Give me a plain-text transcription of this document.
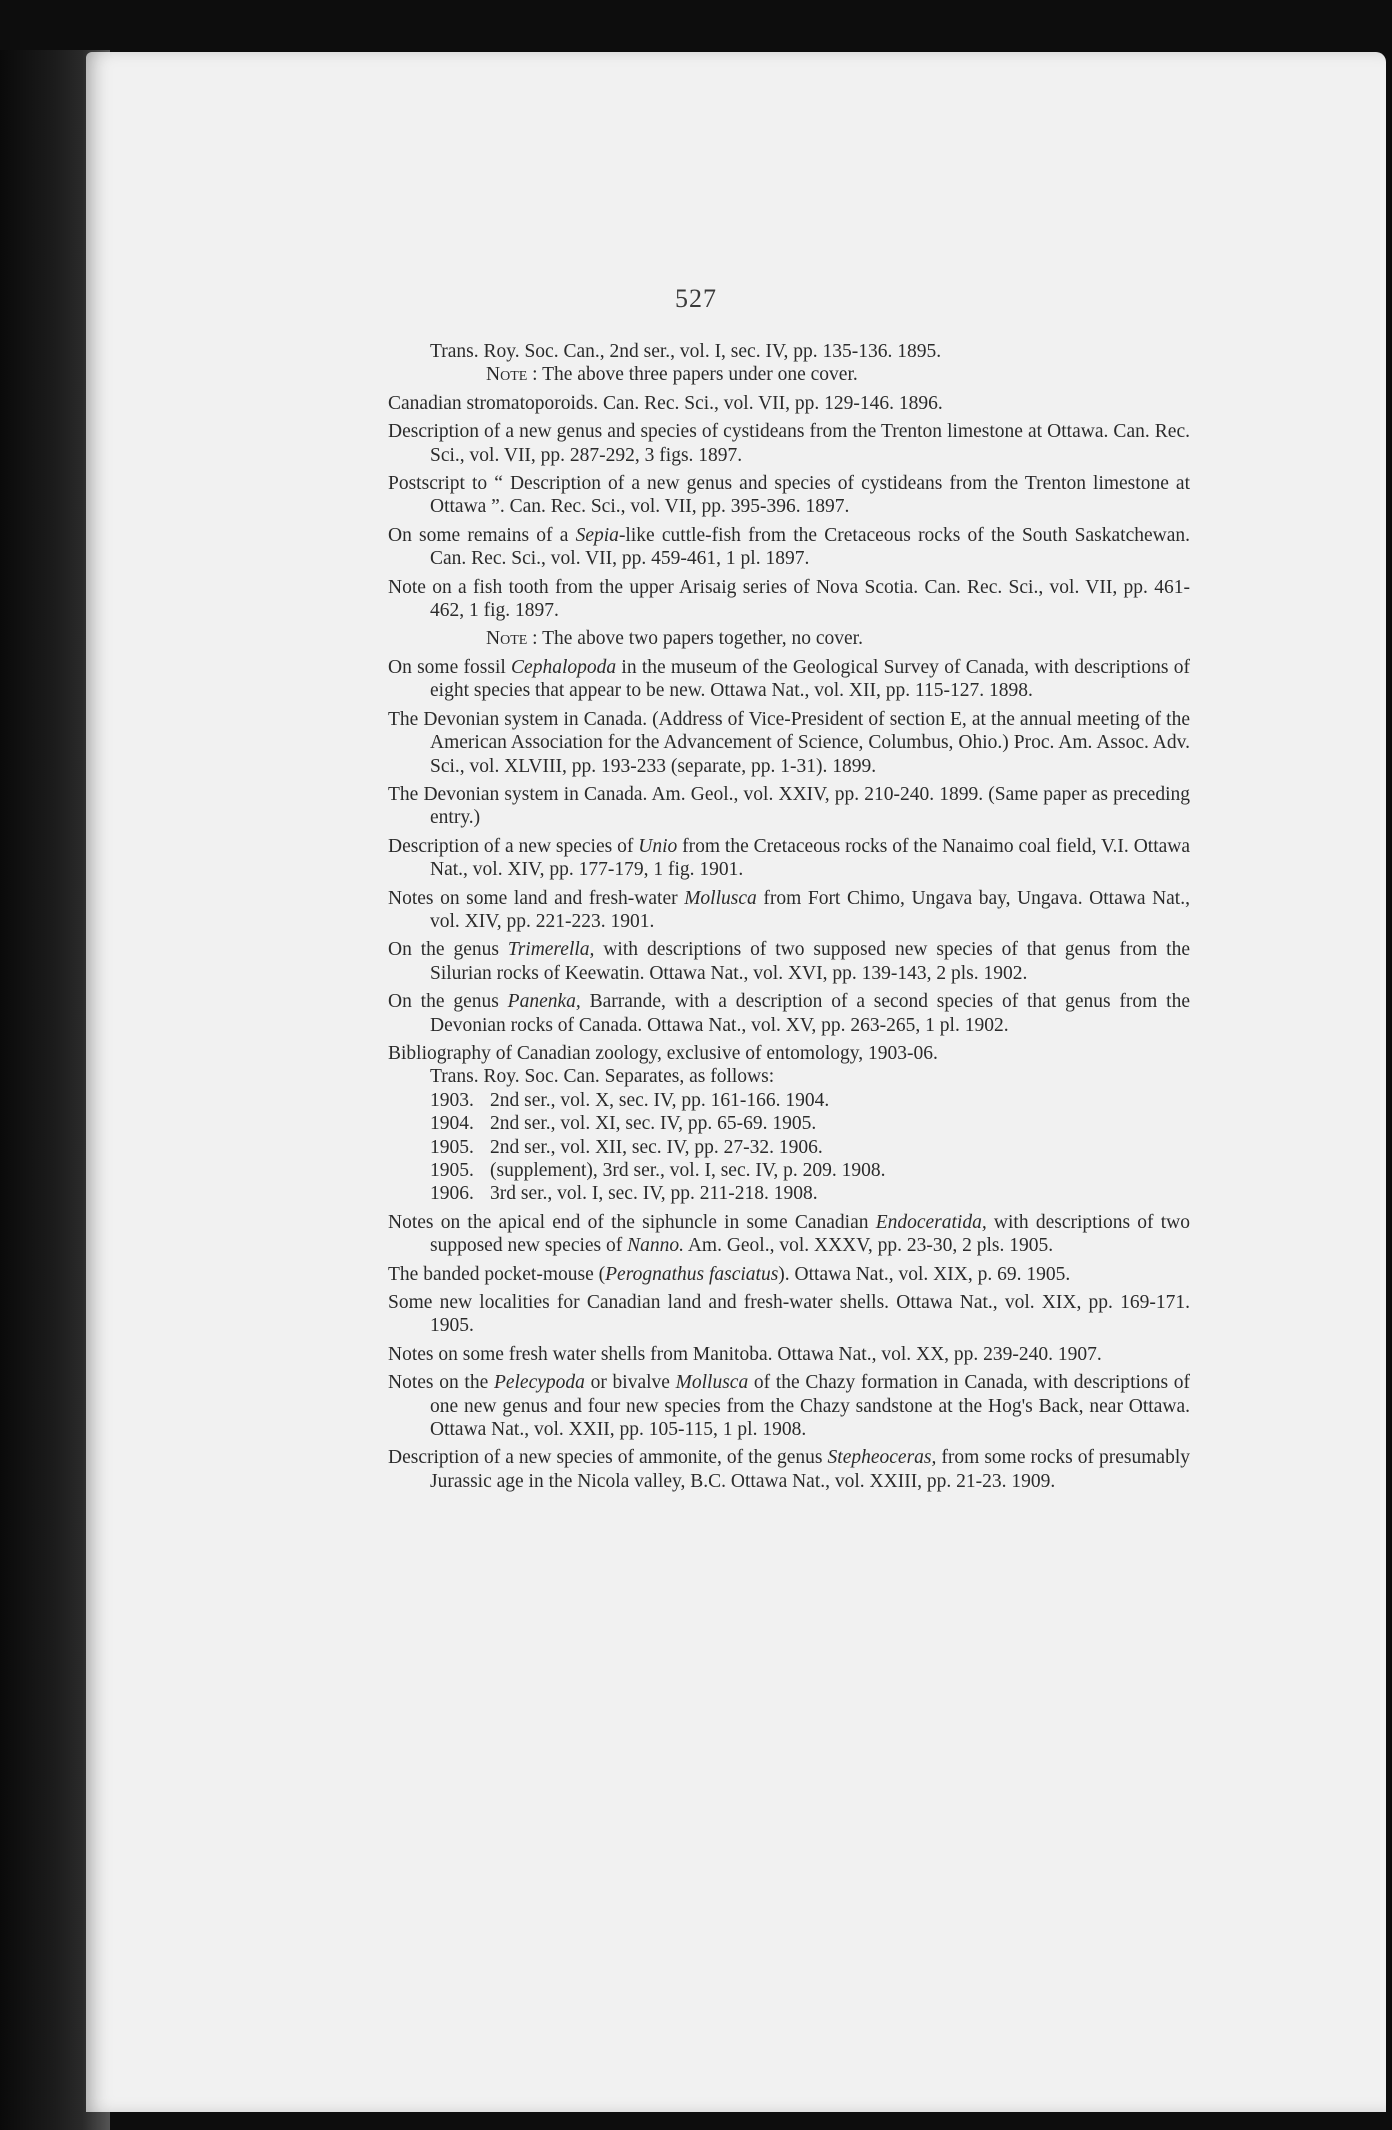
527
Trans. Roy. Soc. Can., 2nd ser., vol. I, sec. IV, pp. 135-136. 1895.
Note : The above three papers under one cover.
Canadian stromatoporoids. Can. Rec. Sci., vol. VII, pp. 129-146. 1896.
Description of a new genus and species of cystideans from the Trenton limestone at Ottawa. Can. Rec. Sci., vol. VII, pp. 287-292, 3 figs. 1897.
Postscript to “ Description of a new genus and species of cystideans from the Trenton limestone at Ottawa ”. Can. Rec. Sci., vol. VII, pp. 395-396. 1897.
On some remains of a Sepia-like cuttle-fish from the Cretaceous rocks of the South Saskatchewan. Can. Rec. Sci., vol. VII, pp. 459-461, 1 pl. 1897.
Note on a fish tooth from the upper Arisaig series of Nova Scotia. Can. Rec. Sci., vol. VII, pp. 461-462, 1 fig. 1897.
Note : The above two papers together, no cover.
On some fossil Cephalopoda in the museum of the Geological Survey of Canada, with descriptions of eight species that appear to be new. Ottawa Nat., vol. XII, pp. 115-127. 1898.
The Devonian system in Canada. (Address of Vice-President of section E, at the annual meeting of the American Association for the Advancement of Science, Columbus, Ohio.) Proc. Am. Assoc. Adv. Sci., vol. XLVIII, pp. 193-233 (separate, pp. 1-31). 1899.
The Devonian system in Canada. Am. Geol., vol. XXIV, pp. 210-240. 1899. (Same paper as preceding entry.)
Description of a new species of Unio from the Cretaceous rocks of the Nanaimo coal field, V.I. Ottawa Nat., vol. XIV, pp. 177-179, 1 fig. 1901.
Notes on some land and fresh-water Mollusca from Fort Chimo, Ungava bay, Ungava. Ottawa Nat., vol. XIV, pp. 221-223. 1901.
On the genus Trimerella, with descriptions of two supposed new species of that genus from the Silurian rocks of Keewatin. Ottawa Nat., vol. XVI, pp. 139-143, 2 pls. 1902.
On the genus Panenka, Barrande, with a description of a second species of that genus from the Devonian rocks of Canada. Ottawa Nat., vol. XV, pp. 263-265, 1 pl. 1902.
Bibliography of Canadian zoology, exclusive of entomology, 1903-06.
Trans. Roy. Soc. Can. Separates, as follows:
1903. 2nd ser., vol. X, sec. IV, pp. 161-166. 1904.
1904. 2nd ser., vol. XI, sec. IV, pp. 65-69. 1905.
1905. 2nd ser., vol. XII, sec. IV, pp. 27-32. 1906.
1905. (supplement), 3rd ser., vol. I, sec. IV, p. 209. 1908.
1906. 3rd ser., vol. I, sec. IV, pp. 211-218. 1908.
Notes on the apical end of the siphuncle in some Canadian Endoceratida, with descriptions of two supposed new species of Nanno. Am. Geol., vol. XXXV, pp. 23-30, 2 pls. 1905.
The banded pocket-mouse (Perognathus fasciatus). Ottawa Nat., vol. XIX, p. 69. 1905.
Some new localities for Canadian land and fresh-water shells. Ottawa Nat., vol. XIX, pp. 169-171. 1905.
Notes on some fresh water shells from Manitoba. Ottawa Nat., vol. XX, pp. 239-240. 1907.
Notes on the Pelecypoda or bivalve Mollusca of the Chazy formation in Canada, with descriptions of one new genus and four new species from the Chazy sandstone at the Hog's Back, near Ottawa. Ottawa Nat., vol. XXII, pp. 105-115, 1 pl. 1908.
Description of a new species of ammonite, of the genus Stephеoceras, from some rocks of presumably Jurassic age in the Nicola valley, B.C. Ottawa Nat., vol. XXIII, pp. 21-23. 1909.
